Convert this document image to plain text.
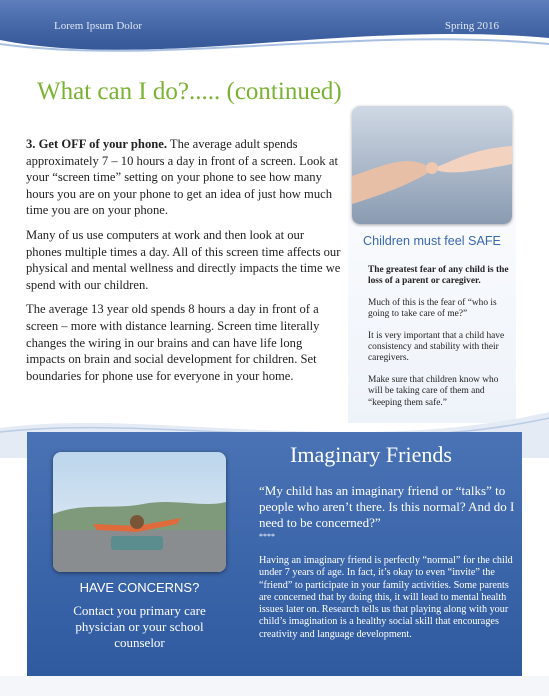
Lorem Ipsum Dolor	Spring 2016
What can I do?..... (continued)

3. Get OFF of your phone. The average adult spends approximately 7 – 10 hours a day in front of a screen. Look at your “screen time” setting on your phone to see how many hours you are on your phone to get an idea of just how much time you are on your phone.

Many of us use computers at work and then look at our phones multiple times a day. All of this screen time affects our physical and mental wellness and directly impacts the time we spend with our children.

The average 13 year old spends 8 hours a day in front of a screen – more with distance learning. Screen time literally changes the wiring in our brains and can have life long impacts on brain and social development for children. Set boundaries for phone use for everyone in your home.

Children must feel SAFE

The greatest fear of any child is the loss of a parent or caregiver.

Much of this is the fear of “who is going to take care of me?”

It is very important that a child have consistency and stability with their caregivers.

Make sure that children know who will be taking care of them and “keeping them safe.”

HAVE CONCERNS?
Contact you primary care physician or your school counselor
Imaginary Friends
“My child has an imaginary friend or “talks” to people who aren’t there. Is this normal? And do I need to be concerned?”
****
Having an imaginary friend is perfectly “normal” for the child under 7 years of age. In fact, it’s okay to even “invite” the “friend” to participate in your family activities. Some parents are concerned that by doing this, it will lead to mental health issues later on. Research tells us that playing along with your child’s imagination is a healthy social skill that encourages creativity and language development.
